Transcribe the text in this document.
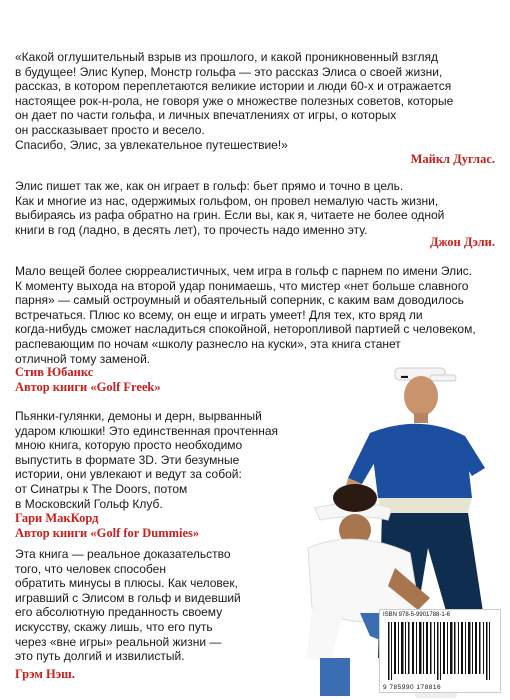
«Какой оглушительный взрыв из прошлого, и какой проникновенный взгляд

в будущее! Элис Купер, Монстр гольфа — это рассказ Элиса о своей жизни,

рассказ, в котором переплетаются великие истории и люди 60-х и отражается

настоящее рок-н-рола, не говоря уже о множестве полезных советов, которые

он дает по части гольфа, и личных впечатлениях от игры, о которых

он рассказывает просто и весело.

Спасибо, Элис, за увлекательное путешествие!»

Майкл Дуглас.

Элис пишет так же, как он играет в гольф: бьет прямо и точно в цель.

Как и многие из нас, одержимых гольфом, он провел немалую часть жизни,

выбираясь из рафа обратно на грин. Если вы, как я, читаете не более одной

книги в год (ладно, в десять лет), то прочесть надо именно эту.

Джон Дэли.

Мало вещей более сюрреалистичных, чем игра в гольф с парнем по имени Элис.

К моменту выхода на второй удар понимаешь, что мистер «нет больше славного

парня» — самый остроумный и обаятельный соперник, с каким вам доводилось

встречаться. Плюс ко всему, он еще и играть умеет! Для тех, кто вряд ли

когда-нибудь сможет насладиться спокойной, неторопливой партией с человеком,

распевающим по ночам «школу разнесло на куски», эта книга станет

отличной тому заменой.

Стив Юбанкс
Автор книги «Golf Freek»

Пьянки-гулянки, демоны и дерн, вырванный

ударом клюшки! Это единственная прочтенная

мною книга, которую просто необходимо

выпустить в формате 3D. Эти безумные

истории, они увлекают и ведут за собой:

от Синатры к The Doors, потом

в Московский Гольф Клуб.

Гари МакКорд
Автор книги «Golf for Dummies»

Эта книга — реальное доказательство

того, что человек способен

обратить минусы в плюсы. Как человек,

игравший с Элисом в гольф и видевший

его абсолютную преданность своему

искусству, скажу лишь, что его путь

через «вне игры» реальной жизни —

это путь долгий и извилистый.

Грэм Нэш.
▬
ISBN 978-5-9901788-1-6
9 785990 178816
